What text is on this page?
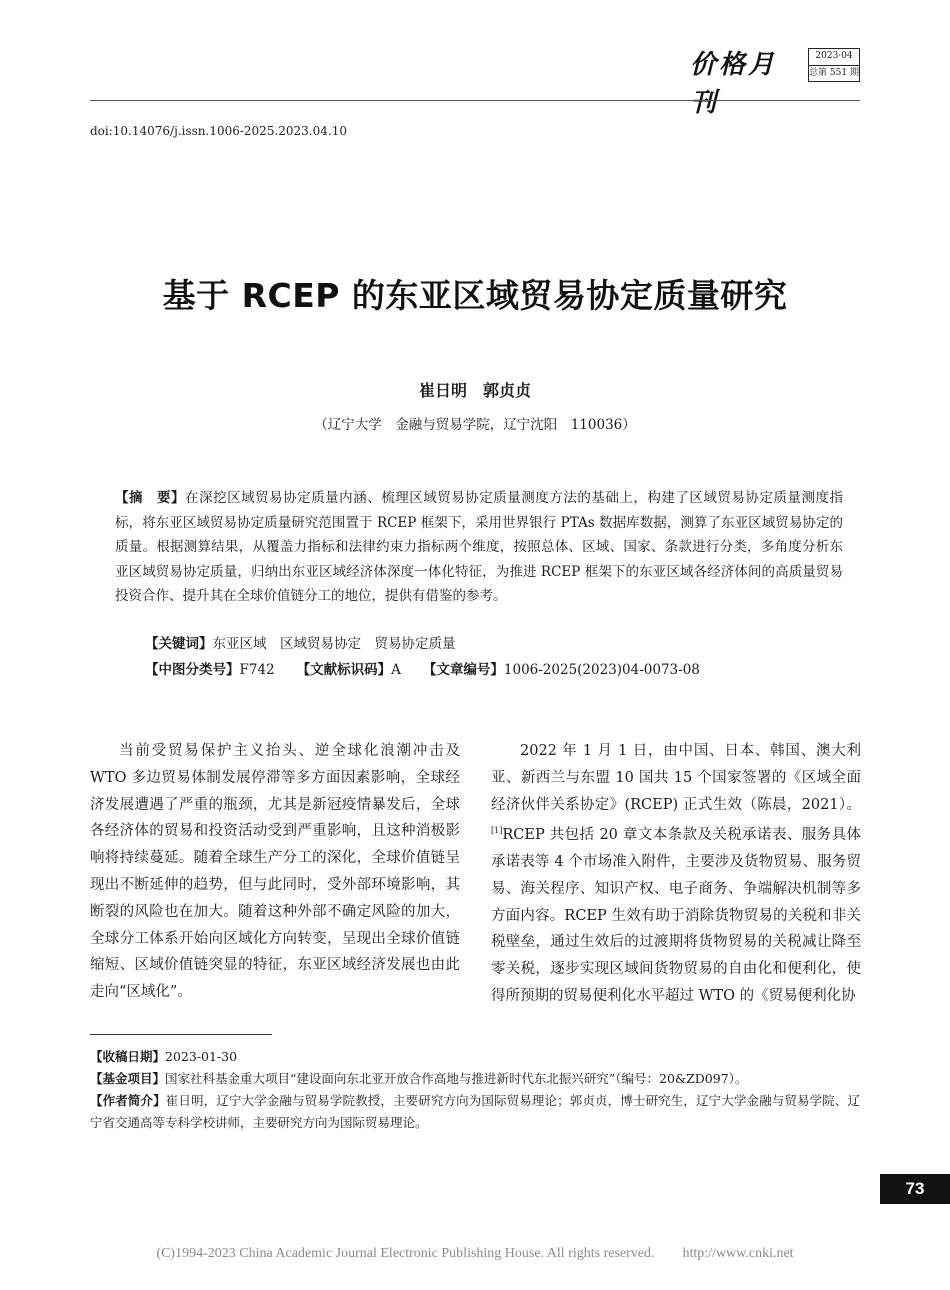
价格月刊
2023·04
总第 551 期
doi:10.14076/j.issn.1006-2025.2023.04.10
基于 RCEP 的东亚区域贸易协定质量研究
崔日明　郭贞贞
（辽宁大学　金融与贸易学院，辽宁沈阳　110036）
【摘　要】在深挖区域贸易协定质量内涵、梳理区域贸易协定质量测度方法的基础上，构建了区域贸易协定质量测度指标，将东亚区域贸易协定质量研究范围置于 RCEP 框架下，采用世界银行 PTAs 数据库数据，测算了东亚区域贸易协定的质量。根据测算结果，从覆盖力指标和法律约束力指标两个维度，按照总体、区域、国家、条款进行分类，多角度分析东亚区域贸易协定质量，归纳出东亚区域经济体深度一体化特征，为推进 RCEP 框架下的东亚区域各经济体间的高质量贸易投资合作、提升其在全球价值链分工的地位，提供有借鉴的参考。
【关键词】东亚区域　区域贸易协定　贸易协定质量
【中图分类号】F742 【文献标识码】A 【文章编号】1006-2025(2023)04-0073-08

当前受贸易保护主义抬头、逆全球化浪潮冲击及 WTO 多边贸易体制发展停滞等多方面因素影响，全球经济发展遭遇了严重的瓶颈，尤其是新冠疫情暴发后，全球各经济体的贸易和投资活动受到严重影响，且这种消极影响将持续蔓延。随着全球生产分工的深化，全球价值链呈现出不断延伸的趋势，但与此同时，受外部环境影响，其断裂的风险也在加大。随着这种外部不确定风险的加大，全球分工体系开始向区域化方向转变，呈现出全球价值链缩短、区域价值链突显的特征，东亚区域经济发展也由此走向“区域化”。

2022 年 1 月 1 日，由中国、日本、韩国、澳大利亚、新西兰与东盟 10 国共 15 个国家签署的《区域全面经济伙伴关系协定》(RCEP) 正式生效（陈晨，2021）。[1]RCEP 共包括 20 章文本条款及关税承诺表、服务具体承诺表等 4 个市场准入附件，主要涉及货物贸易、服务贸易、海关程序、知识产权、电子商务、争端解决机制等多方面内容。RCEP 生效有助于消除货物贸易的关税和非关税壁垒，通过生效后的过渡期将货物贸易的关税减让降至零关税，逐步实现区域间货物贸易的自由化和便利化，使得所预期的贸易便利化水平超过 WTO 的《贸易便利化协

【收稿日期】2023-01-30

【基金项目】国家社科基金重大项目“建设面向东北亚开放合作高地与推进新时代东北振兴研究”（编号：20&ZD097）。

【作者简介】崔日明，辽宁大学金融与贸易学院教授，主要研究方向为国际贸易理论；郭贞贞，博士研究生，辽宁大学金融与贸易学院、辽宁省交通高等专科学校讲师，主要研究方向为国际贸易理论。

73
(C)1994-2023 China Academic Journal Electronic Publishing House. All rights reserved.　　http://www.cnki.net
